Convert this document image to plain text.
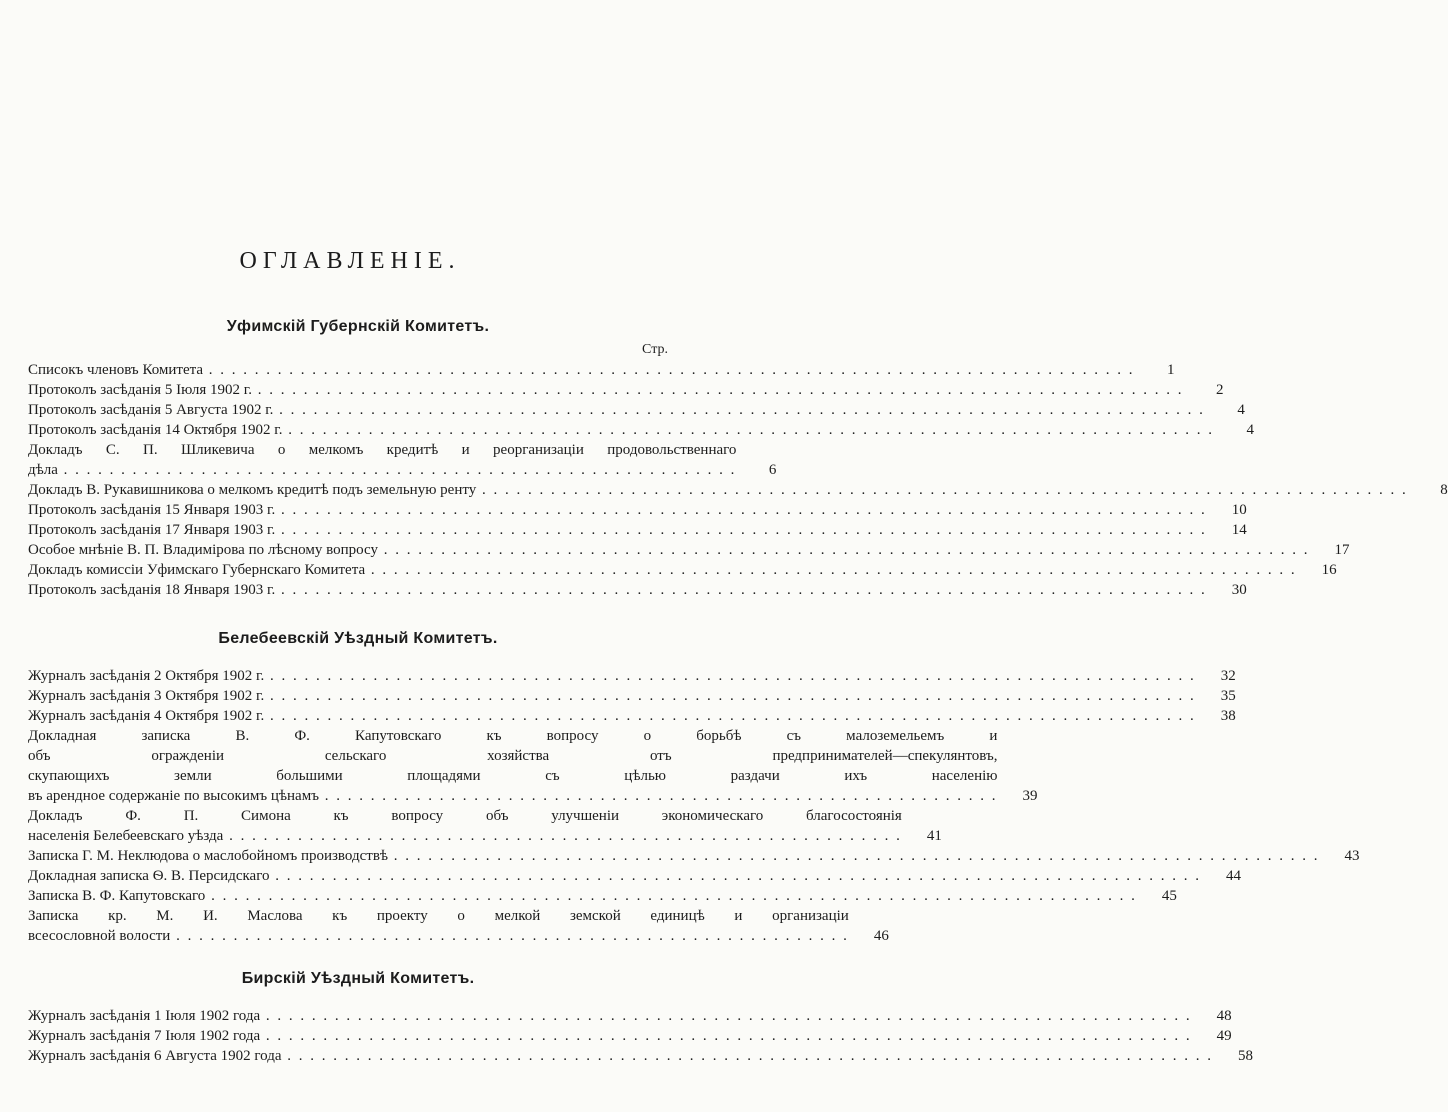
ОГЛАВЛЕНІЕ.
Уфимскій Губернскій Комитетъ.
Стр.
Списокъ членовъ Комитета . . .	1
Протоколъ засѣданія 5 Іюля 1902 г. . . .	2
Протоколъ засѣданія 5 Августа 1902 г. . . .	4
Протоколъ засѣданія 14 Октября 1902 г. . . .	4
Докладъ С. П. Шликевича о мелкомъ кредитѣ и реорганизаціи продовольственнаго
дѣла . . .	6
Докладъ В. Рукавишникова о мелкомъ кредитѣ подъ земельную ренту . . .	8
Протоколъ засѣданія 15 Января 1903 г. . . .	10
Протоколъ засѣданія 17 Января 1903 г. . . .	14
Особое мнѣніе В. П. Владимірова по лѣсному вопросу . . .	17
Докладъ комиссіи Уфимскаго Губернскаго Комитета . . .	16
Протоколъ засѣданія 18 Января 1903 г. . . .	30
Белебеевскій Уѣздный Комитетъ.
Журналъ засѣданія 2 Октября 1902 г. . . .	32
Журналъ засѣданія 3 Октября 1902 г. . . .	35
Журналъ засѣданія 4 Октября 1902 г. . . .	38
Докладная записка В. Ф. Капутовскаго къ вопросу о борьбѣ съ малоземельемъ и
объ огражденіи сельскаго хозяйства отъ предпринимателей—спекулянтовъ,
скупающихъ земли большими площадями съ цѣлью раздачи ихъ населенію
въ арендное содержаніе по высокимъ цѣнамъ . . .	39
Докладъ Ф. П. Симона къ вопросу объ улучшеніи экономическаго благосостоянія
населенія Белебеевскаго уѣзда . . .	41
Записка Г. М. Неклюдова о маслобойномъ производствѣ . . .	43
Докладная записка Ѳ. В. Персидскаго . . .	44
Записка В. Ф. Капутовскаго . . .	45
Записка кр. М. И. Маслова къ проекту о мелкой земской единицѣ и организаціи
всесословной волости . . .	46
Бирскій Уѣздный Комитетъ.
Журналъ засѣданія 1 Іюля 1902 года . . .	48
Журналъ засѣданія 7 Іюля 1902 года . . .	49
Журналъ засѣданія 6 Августа 1902 года . . .	58
